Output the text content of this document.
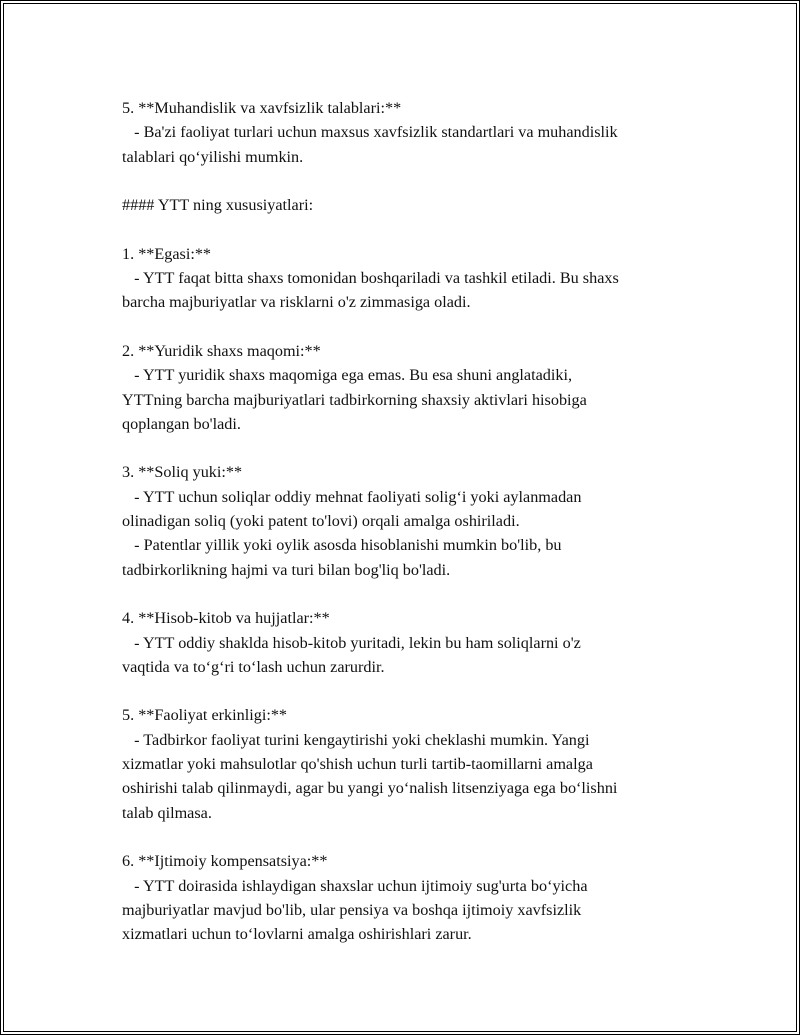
5. **Muhandislik va xavfsizlik talablari:**
- Ba'zi faoliyat turlari uchun maxsus xavfsizlik standartlari va muhandislik
talablari qo‘yilishi mumkin.
#### YTT ning xususiyatlari:
1. **Egasi:**
- YTT faqat bitta shaxs tomonidan boshqariladi va tashkil etiladi. Bu shaxs
barcha majburiyatlar va risklarni o'z zimmasiga oladi.
2. **Yuridik shaxs maqomi:**
- YTT yuridik shaxs maqomiga ega emas. Bu esa shuni anglatadiki,
YTTning barcha majburiyatlari tadbirkorning shaxsiy aktivlari hisobiga
qoplangan bo'ladi.
3. **Soliq yuki:**
- YTT uchun soliqlar oddiy mehnat faoliyati solig‘i yoki aylanmadan
olinadigan soliq (yoki patent to'lovi) orqali amalga oshiriladi.
- Patentlar yillik yoki oylik asosda hisoblanishi mumkin bo'lib, bu
tadbirkorlikning hajmi va turi bilan bog'liq bo'ladi.
4. **Hisob-kitob va hujjatlar:**
- YTT oddiy shaklda hisob-kitob yuritadi, lekin bu ham soliqlarni o'z
vaqtida va to‘g‘ri to‘lash uchun zarurdir.
5. **Faoliyat erkinligi:**
- Tadbirkor faoliyat turini kengaytirishi yoki cheklashi mumkin. Yangi
xizmatlar yoki mahsulotlar qo'shish uchun turli tartib-taomillarni amalga
oshirishi talab qilinmaydi, agar bu yangi yo‘nalish litsenziyaga ega bo‘lishni
talab qilmasa.
6. **Ijtimoiy kompensatsiya:**
- YTT doirasida ishlaydigan shaxslar uchun ijtimoiy sug'urta bo‘yicha
majburiyatlar mavjud bo'lib, ular pensiya va boshqa ijtimoiy xavfsizlik
xizmatlari uchun to‘lovlarni amalga oshirishlari zarur.
